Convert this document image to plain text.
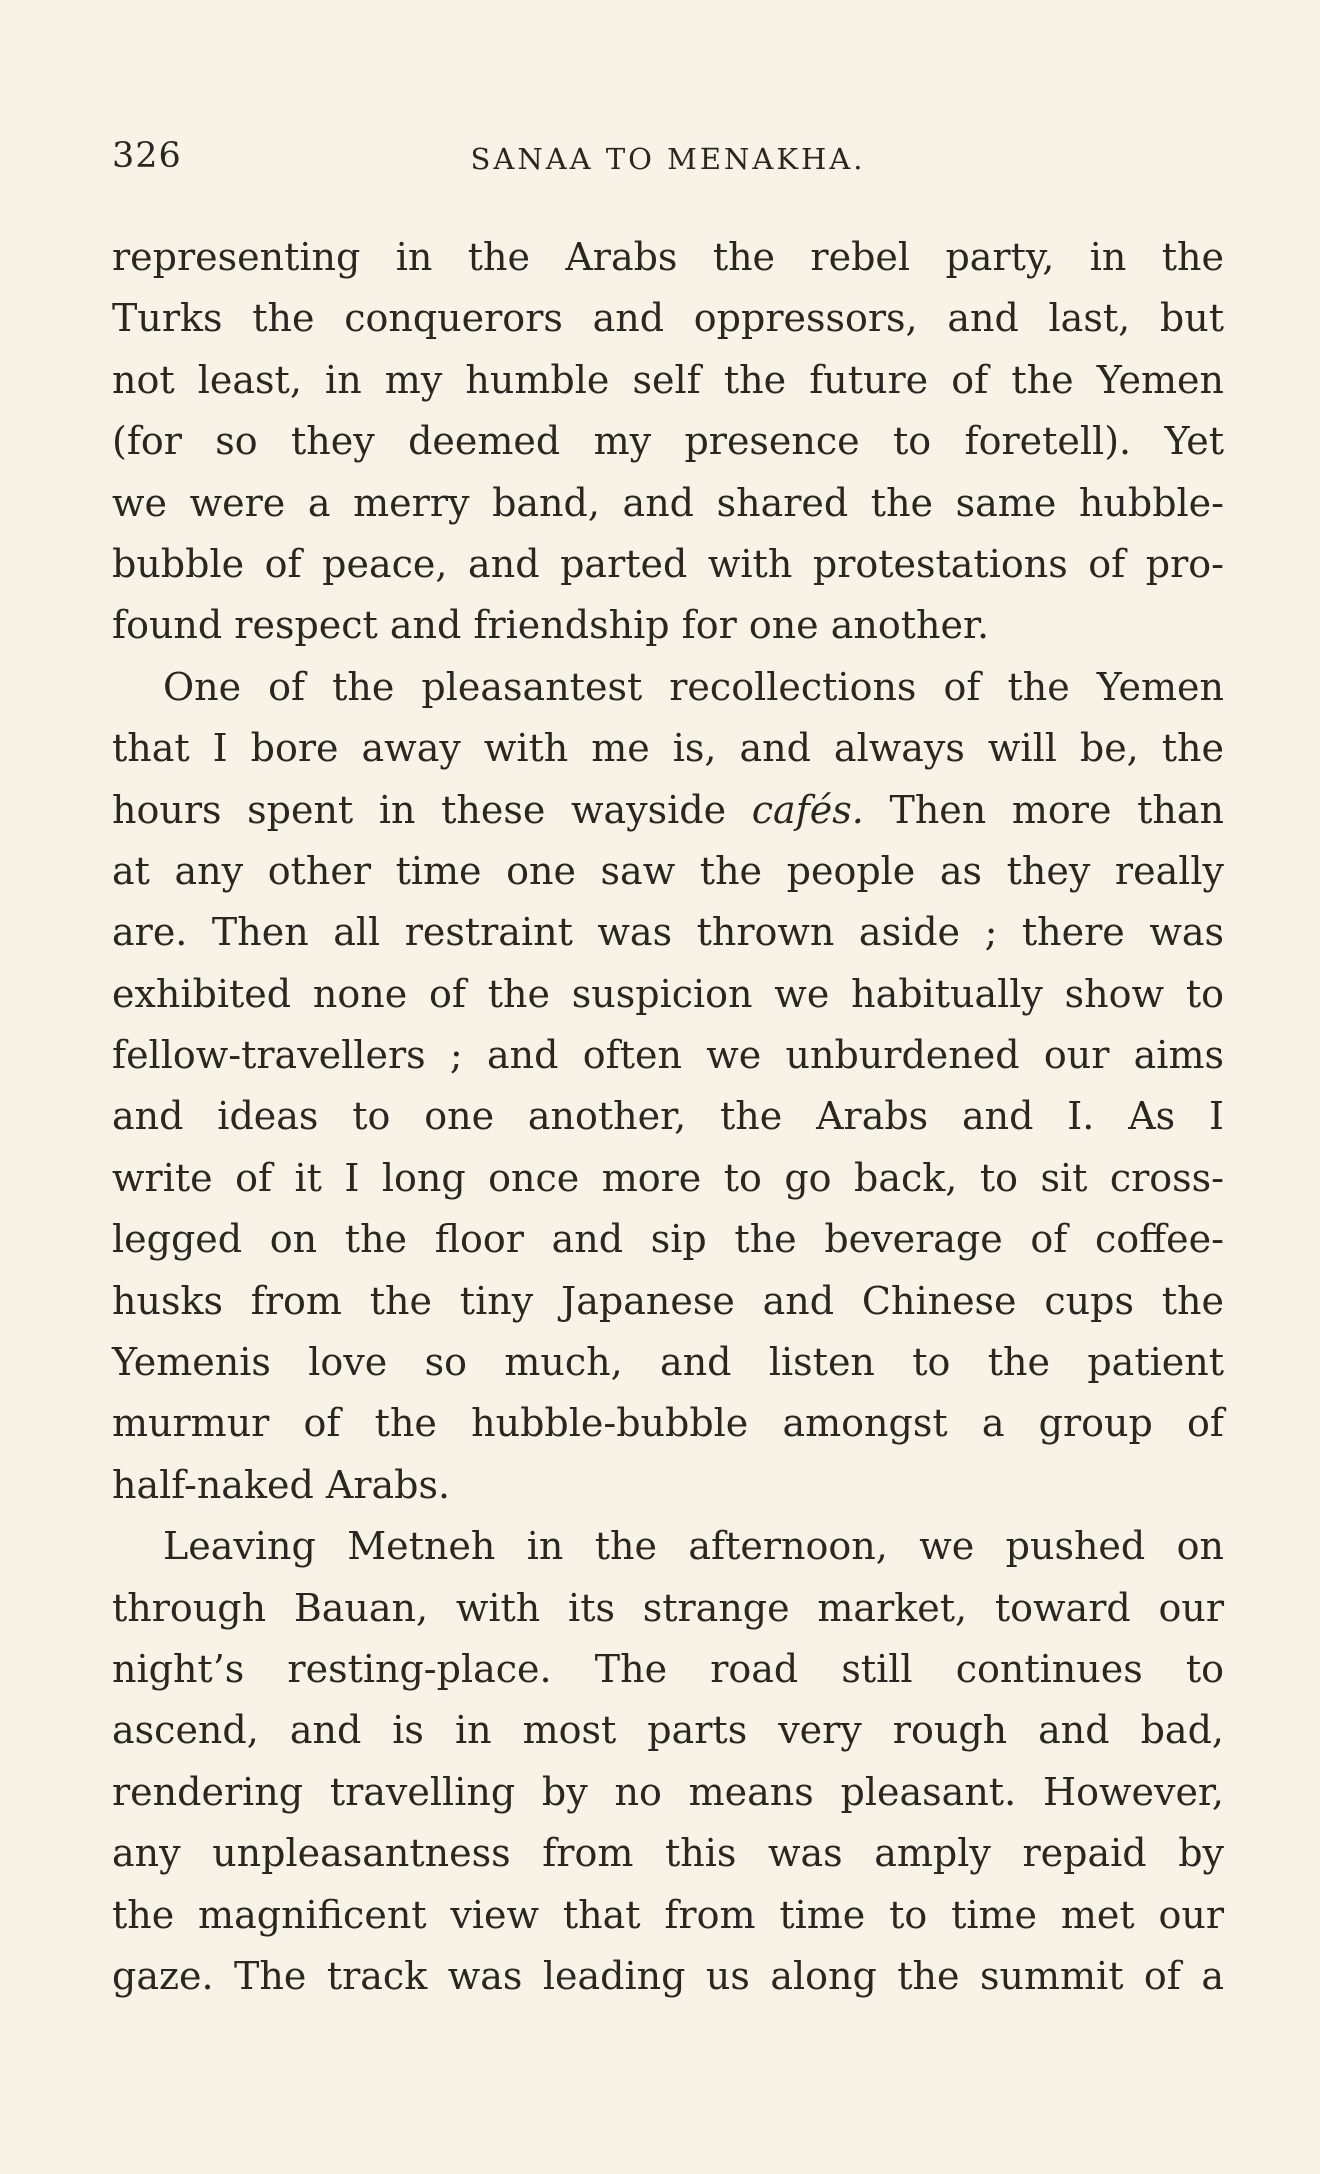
326	SANAA TO MENAKHA.
representing in the Arabs the rebel party, in the
Turks the conquerors and oppressors, and last, but
not least, in my humble self the future of the Yemen
(for so they deemed my presence to foretell). Yet
we were a merry band, and shared the same hubble-
bubble of peace, and parted with protestations of pro-
found respect and friendship for one another.
One of the pleasantest recollections of the Yemen
that I bore away with me is, and always will be, the
hours spent in these wayside cafés. Then more than
at any other time one saw the people as they really
are. Then all restraint was thrown aside ; there was
exhibited none of the suspicion we habitually show to
fellow-travellers ; and often we unburdened our aims
and ideas to one another, the Arabs and I. As I
write of it I long once more to go back, to sit cross-
legged on the floor and sip the beverage of coffee-
husks from the tiny Japanese and Chinese cups the
Yemenis love so much, and listen to the patient
murmur of the hubble-bubble amongst a group of
half-naked Arabs.
Leaving Metneh in the afternoon, we pushed on
through Bauan, with its strange market, toward our
night’s resting-place. The road still continues to
ascend, and is in most parts very rough and bad,
rendering travelling by no means pleasant. However,
any unpleasantness from this was amply repaid by
the magnificent view that from time to time met our
gaze. The track was leading us along the summit of a
